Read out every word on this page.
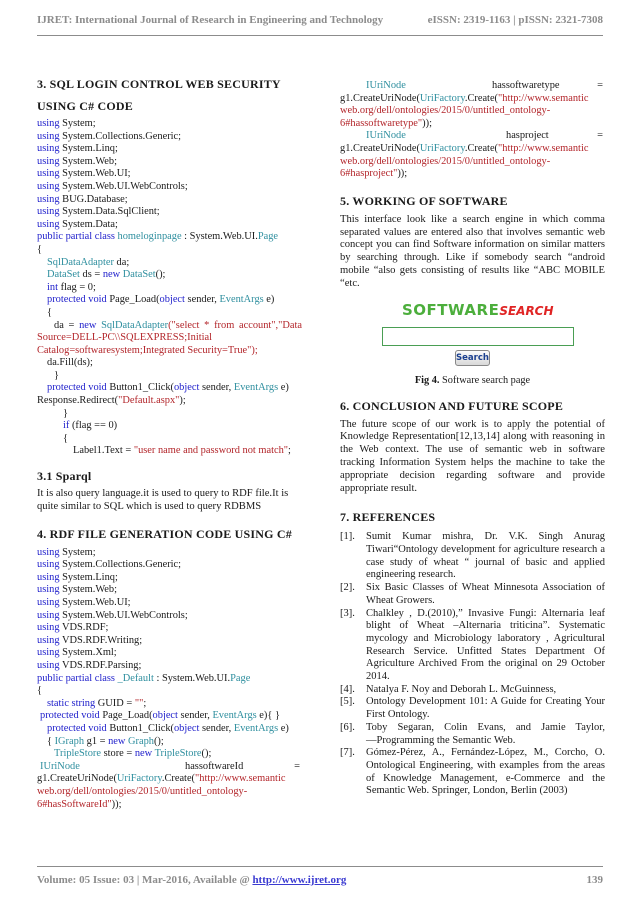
IJRET: International Journal of Research in Engineering and Technology	eISSN: 2319-1163 | pISSN: 2321-7308
3. SQL LOGIN CONTROL WEB SECURITY
USING C# CODE
using System;
using System.Collections.Generic;
using System.Linq;
using System.Web;
using System.Web.UI;
using System.Web.UI.WebControls;
using BUG.Database;
using System.Data.SqlClient;
using System.Data;
public partial class homeloginpage : System.Web.UI.Page
{
SqlDataAdapter da;
DataSet ds = new DataSet();
int flag = 0;
protected void Page_Load(object sender, EventArgs e)
{
da = new SqlDataAdapter("select * from account","Data Source=DELL-PC\\SQLEXPRESS;Initial Catalog=softwaresystem;Integrated Security=True");
da.Fill(ds);
}
protected void Button1_Click(object sender, EventArgs e)
Response.Redirect("Default.aspx");
}
if (flag == 0)
{
Label1.Text = "user name and password not match";
3.1 Sparql
It is also query language.it is used to query to RDF file.It is quite similar to SQL which is used to query RDBMS
4. RDF FILE GENERATION CODE USING C#
using System;
using System.Collections.Generic;
using System.Linq;
using System.Web;
using System.Web.UI;
using System.Web.UI.WebControls;
using VDS.RDF;
using VDS.RDF.Writing;
using System.Xml;
using VDS.RDF.Parsing;
public partial class _Default : System.Web.UI.Page
{
static string GUID = "";
protected void Page_Load(object sender, EventArgs e){ }
protected void Button1_Click(object sender, EventArgs e)
{ IGraph g1 = new Graph();
TripleStore store = new TripleStore();
IUriNode	hassoftwareId	=
g1.CreateUriNode(UriFactory.Create("http://www.semantic web.org/dell/ontologies/2015/0/untitled_ontology-6#hasSoftwareId"));
IUriNode	hassoftwaretype	=
g1.CreateUriNode(UriFactory.Create("http://www.semantic web.org/dell/ontologies/2015/0/untitled_ontology-6#hassoftwaretype"));
IUriNode	hasproject	=
g1.CreateUriNode(UriFactory.Create("http://www.semantic web.org/dell/ontologies/2015/0/untitled_ontology-6#hasproject"));
5. WORKING OF SOFTWARE
This interface look like a search engine in which comma separated values are entered also that involves semantic web concept you can find Software information on similar matters by searching through. Like if somebody search “android mobile “also gets consisting of results like “ABC MOBILE “etc.
SOFTWARESEARCH
Search
Fig 4. Software search page
6. CONCLUSION AND FUTURE SCOPE
The future scope of our work is to apply the potential of Knowledge Representation[12,13,14] along with reasoning in the Web context. The use of semantic web in software tracking Information System helps the machine to take the appropriate decision regarding software and provide appropriate result.
7. REFERENCES
[1]. Sumit Kumar mishra, Dr. V.K. Singh Anurag Tiwari“Ontology development for agriculture research a case study of wheat “ journal of basic and applied engineering research.
[2]. Six Basic Classes of Wheat Minnesota Association of Wheat Growers.
[3]. Chalkley , D.(2010),” Invasive Fungi: Alternaria leaf blight of Wheat –Alternaria triticina”. Systematic mycology and Microbiology laboratory , Agricultural Research Service. Unfitted States Department Of Agriculture Archived From the original on 29 October 2014.
[4]. Natalya F. Noy and Deborah L. McGuinness,
[5]. Ontology Development 101: A Guide for Creating Your First Ontology.
[6]. Toby Segaran, Colin Evans, and Jamie Taylor, ―Programming the Semantic Web.
[7]. Gómez-Pérez, A., Fernández-López, M., Corcho, O. Ontological Engineering, with examples from the areas of Knowledge Management, e-Commerce and the Semantic Web. Springer, London, Berlin (2003)
Volume: 05 Issue: 03 | Mar-2016, Available @ http://www.ijret.org	139
